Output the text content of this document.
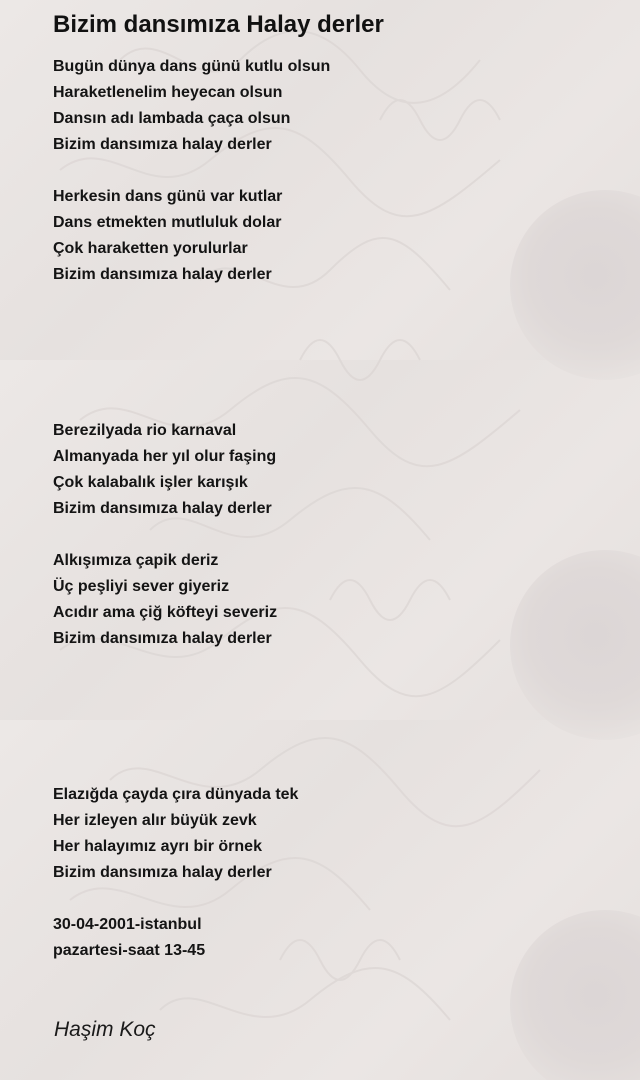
Bizim dansımıza Halay derler
Bugün dünya dans günü kutlu olsun
Haraketlenelim heyecan olsun
Dansın adı lambada çaça olsun
Bizim dansımıza halay derler
Herkesin dans günü var kutlar
Dans etmekten mutluluk dolar
Çok haraketten yorulurlar
Bizim dansımıza halay derler
Berezilyada rio karnaval
Almanyada her yıl olur faşing
Çok kalabalık işler karışık
Bizim dansımıza halay derler
Alkışımıza çapik deriz
Üç peşliyi sever giyeriz
Acıdır ama çiğ köfteyi severiz
Bizim dansımıza halay derler
Elazığda çayda çıra dünyada tek
Her izleyen alır büyük zevk
Her halayımız ayrı bir örnek
Bizim dansımıza halay derler
30-04-2001-istanbul
pazartesi-saat 13-45
Haşim Koç
